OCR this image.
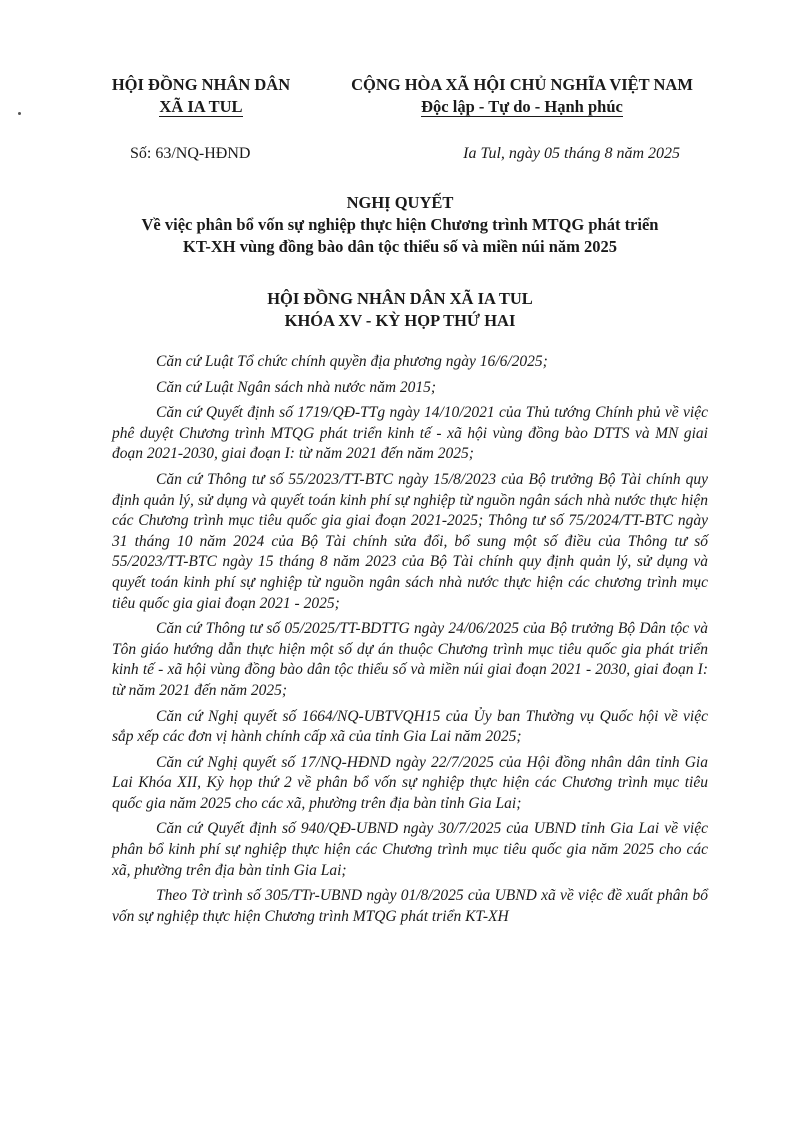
HỘI ĐỒNG NHÂN DÂN
XÃ IA TUL
CỘNG HÒA XÃ HỘI CHỦ NGHĨA VIỆT NAM
Độc lập - Tự do - Hạnh phúc
Số: 63/NQ-HĐND	Ia Tul, ngày 05 tháng 8 năm 2025
NGHỊ QUYẾT
Về việc phân bổ vốn sự nghiệp thực hiện Chương trình MTQG phát triển
KT-XH vùng đồng bào dân tộc thiểu số và miền núi năm 2025
HỘI ĐỒNG NHÂN DÂN XÃ IA TUL
KHÓA XV - KỲ HỌP THỨ HAI

Căn cứ Luật Tổ chức chính quyền địa phương ngày 16/6/2025;

Căn cứ Luật Ngân sách nhà nước năm 2015;

Căn cứ Quyết định số 1719/QĐ-TTg ngày 14/10/2021 của Thủ tướng Chính phủ về việc phê duyệt Chương trình MTQG phát triển kinh tế - xã hội vùng đồng bào DTTS và MN giai đoạn 2021-2030, giai đoạn I: từ năm 2021 đến năm 2025;

Căn cứ Thông tư số 55/2023/TT-BTC ngày 15/8/2023 của Bộ trưởng Bộ Tài chính quy định quản lý, sử dụng và quyết toán kinh phí sự nghiệp từ nguồn ngân sách nhà nước thực hiện các Chương trình mục tiêu quốc gia giai đoạn 2021-2025; Thông tư số 75/2024/TT-BTC ngày 31 tháng 10 năm 2024 của Bộ Tài chính sửa đổi, bổ sung một số điều của Thông tư số 55/2023/TT-BTC ngày 15 tháng 8 năm 2023 của Bộ Tài chính quy định quản lý, sử dụng và quyết toán kinh phí sự nghiệp từ nguồn ngân sách nhà nước thực hiện các chương trình mục tiêu quốc gia giai đoạn 2021 - 2025;

Căn cứ Thông tư số 05/2025/TT-BDTTG ngày 24/06/2025 của Bộ trưởng Bộ Dân tộc và Tôn giáo hướng dẫn thực hiện một số dự án thuộc Chương trình mục tiêu quốc gia phát triển kinh tế - xã hội vùng đồng bào dân tộc thiểu số và miền núi giai đoạn 2021 - 2030, giai đoạn I: từ năm 2021 đến năm 2025;

Căn cứ Nghị quyết số 1664/NQ-UBTVQH15 của Ủy ban Thường vụ Quốc hội về việc sắp xếp các đơn vị hành chính cấp xã của tỉnh Gia Lai năm 2025;

Căn cứ Nghị quyết số 17/NQ-HĐND ngày 22/7/2025 của Hội đồng nhân dân tỉnh Gia Lai Khóa XII, Kỳ họp thứ 2 về phân bổ vốn sự nghiệp thực hiện các Chương trình mục tiêu quốc gia năm 2025 cho các xã, phường trên địa bàn tỉnh Gia Lai;

Căn cứ Quyết định số 940/QĐ-UBND ngày 30/7/2025 của UBND tỉnh Gia Lai về việc phân bổ kinh phí sự nghiệp thực hiện các Chương trình mục tiêu quốc gia năm 2025 cho các xã, phường trên địa bàn tỉnh Gia Lai;

Theo Tờ trình số 305/TTr-UBND ngày 01/8/2025 của UBND xã về việc đề xuất phân bổ vốn sự nghiệp thực hiện Chương trình MTQG phát triển KT-XH
